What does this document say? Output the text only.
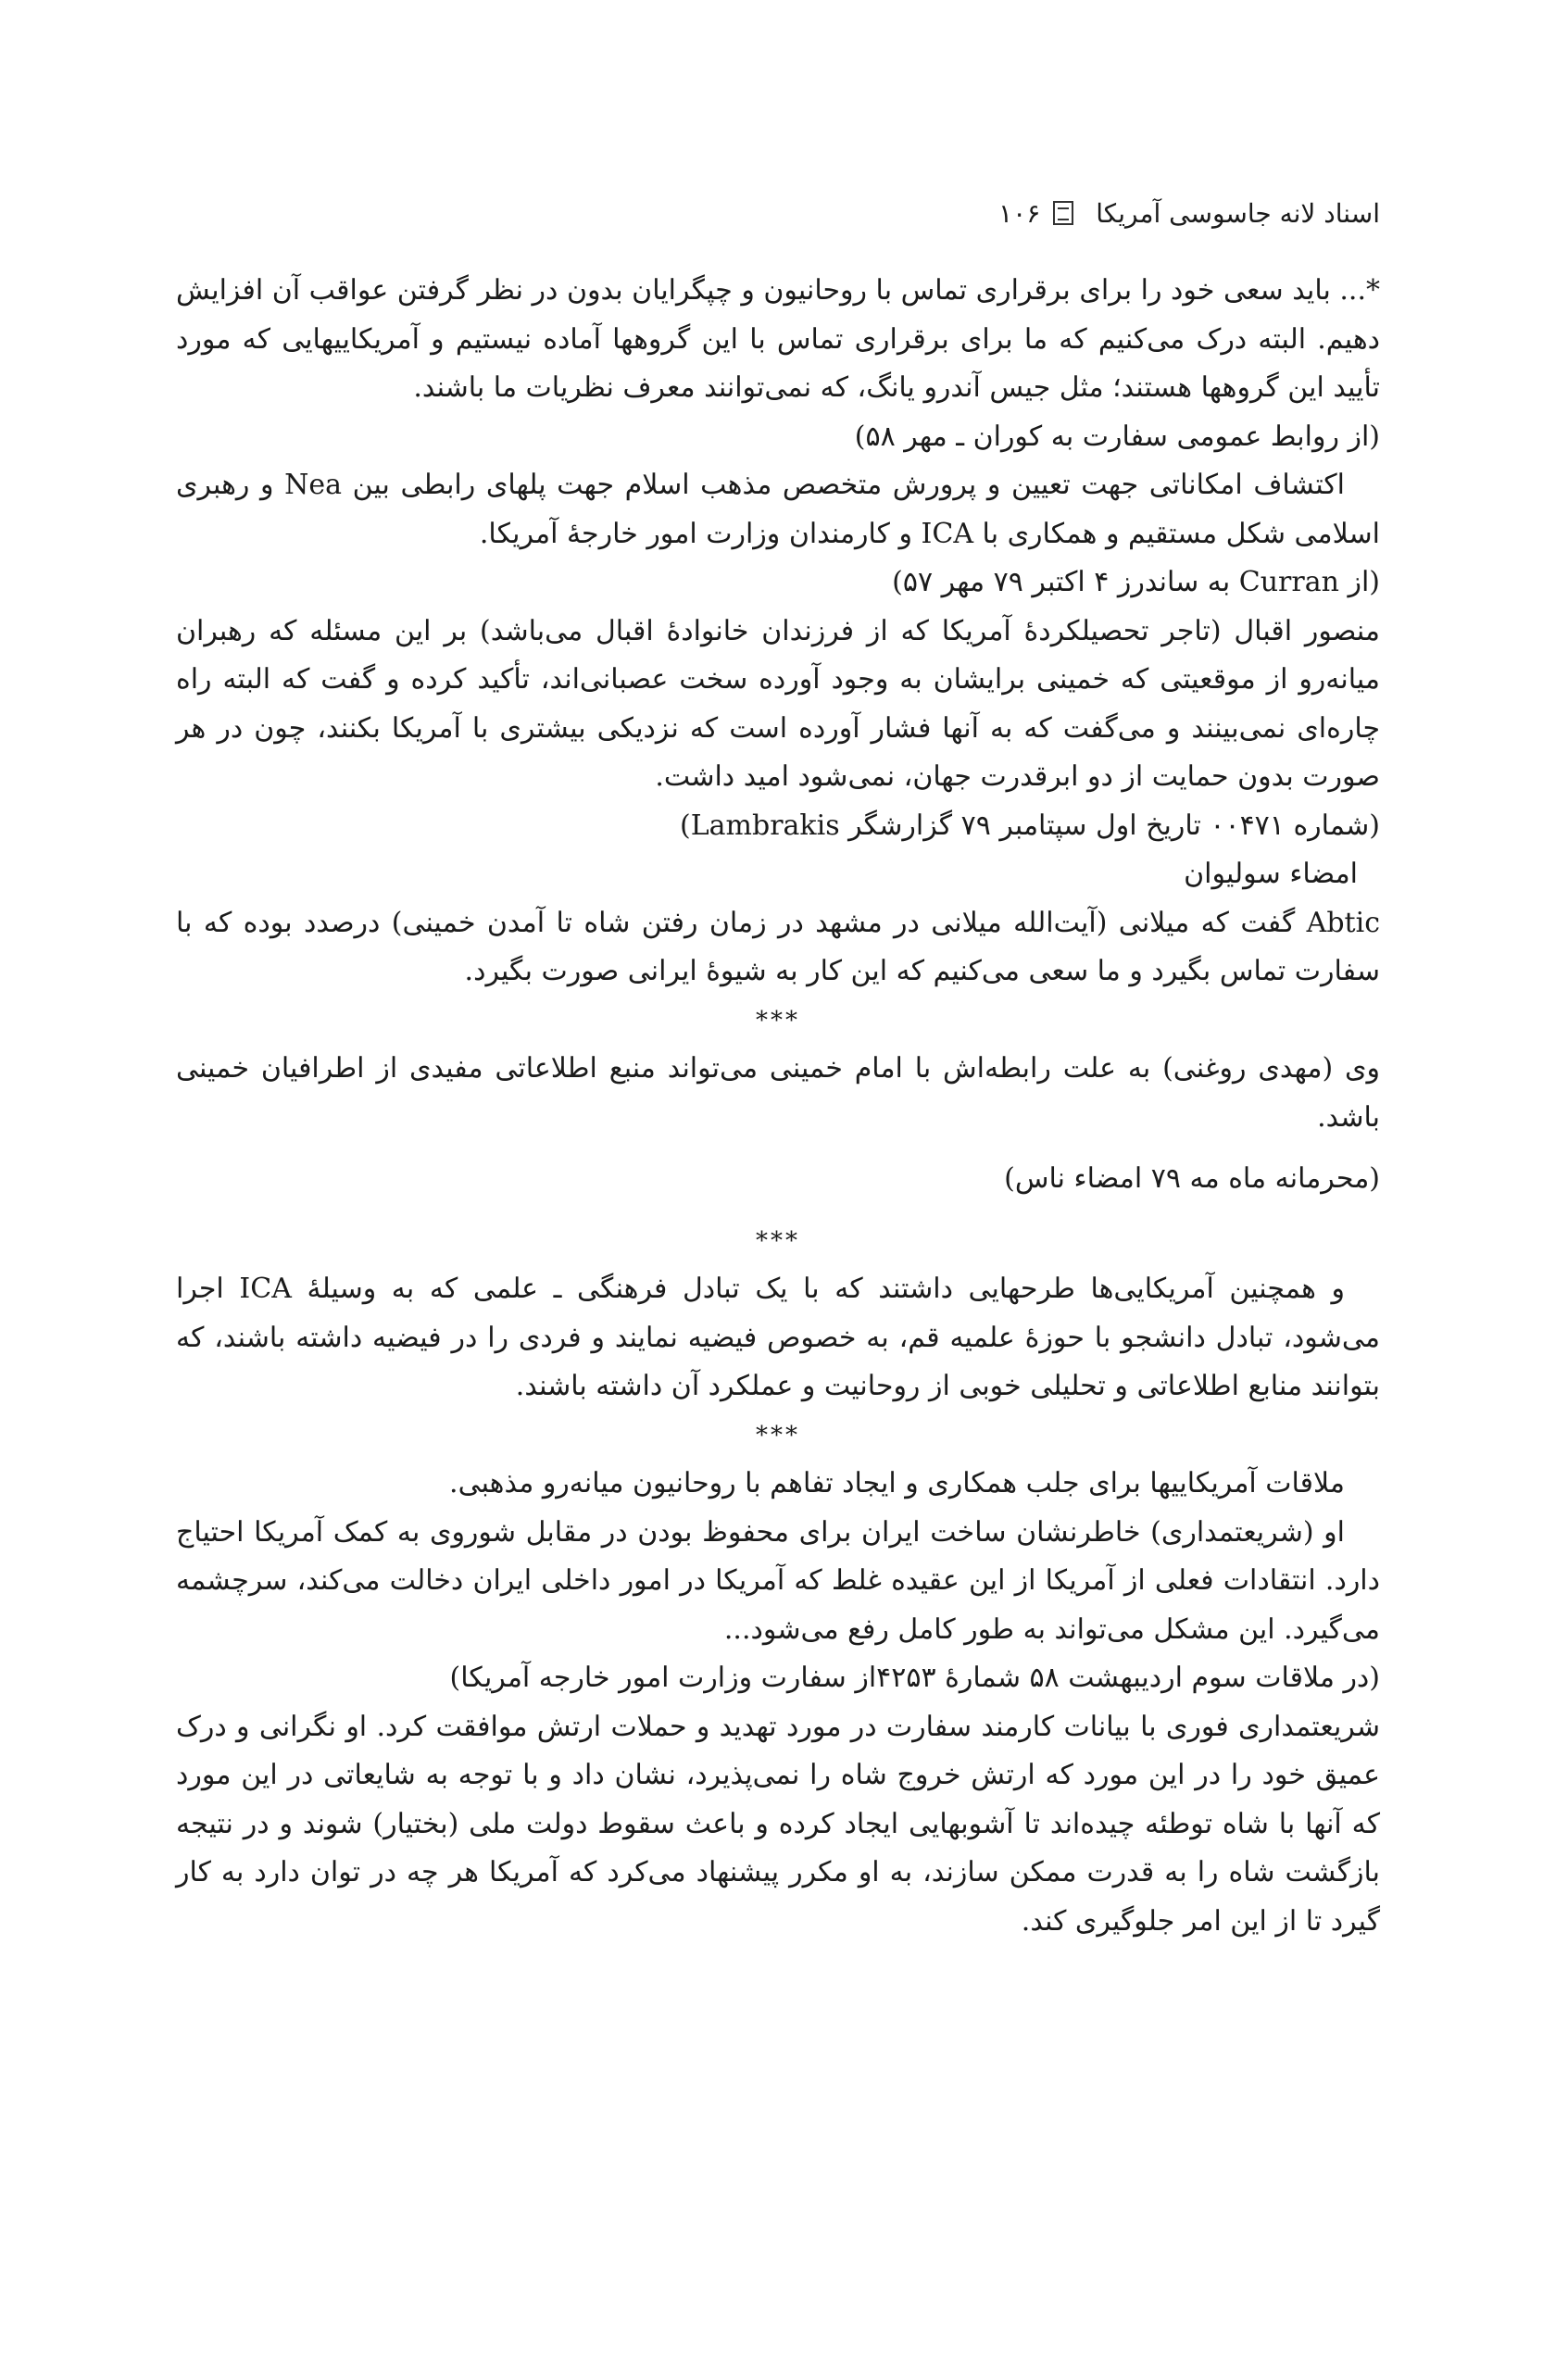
اسناد لانه جاسوسی آمریکا
۱۰۶

*... باید سعی خود را برای برقراری تماس با روحانیون و چپگرایان بدون در نظر گرفتن عواقب آن افزایش دهیم. البته درک می‌کنیم که ما برای برقراری تماس با این گروهها آماده نیستیم و آمریکاییهایی که مورد تأیید این گروهها هستند؛ مثل جیس آندرو یانگ، که نمی‌توانند معرف نظریات ما باشند.

(از روابط عمومی سفارت به کوران ـ مهر ۵۸)

اکتشاف امکاناتی جهت تعیین و پرورش متخصص مذهب اسلام جهت پلهای رابطی بین Nea و رهبری اسلامی شکل مستقیم و همکاری با ICA و کارمندان وزارت امور خارجهٔ آمریکا.

(از Curran به ساندرز ۴ اکتبر ۷۹ مهر ۵۷)

منصور اقبال (تاجر تحصیلکردهٔ آمریکا که از فرزندان خانوادهٔ اقبال می‌باشد) بر این مسئله که رهبران میانه‌رو از موقعیتی که خمینی برایشان به وجود آورده سخت عصبانی‌اند، تأکید کرده و گفت که البته راه چاره‌ای نمی‌بینند و می‌گفت که به آنها فشار آورده است که نزدیکی بیشتری با آمریکا بکنند، چون در هر صورت بدون حمایت از دو ابرقدرت جهان، نمی‌شود امید داشت.

(شماره ۰۰۴۷۱ تاریخ اول سپتامبر ۷۹ گزارشگر Lambrakis)

امضاء سولیوان

Abtic گفت که میلانی (آیت‌الله میلانی در مشهد در زمان رفتن شاه تا آمدن خمینی) درصدد بوده که با سفارت تماس بگیرد و ما سعی می‌کنیم که این کار به شیوهٔ ایرانی صورت بگیرد.

***

وی (مهدی روغنی) به علت رابطه‌اش با امام خمینی می‌تواند منبع اطلاعاتی مفیدی از اطرافیان خمینی باشد.

(محرمانه ماه مه ۷۹ امضاء ناس)

***

و همچنین آمریکایی‌ها طرحهایی داشتند که با یک تبادل فرهنگی ـ علمی که به وسیلهٔ ICA اجرا می‌شود، تبادل دانشجو با حوزهٔ علمیه قم، به خصوص فیضیه نمایند و فردی را در فیضیه داشته باشند، که بتوانند منابع اطلاعاتی و تحلیلی خوبی از روحانیت و عملکرد آن داشته باشند.

***

ملاقات آمریکاییها برای جلب همکاری و ایجاد تفاهم با روحانیون میانه‌رو مذهبی.

او (شریعتمداری) خاطرنشان ساخت ایران برای محفوظ بودن در مقابل شوروی به کمک آمریکا احتیاج دارد. انتقادات فعلی از آمریکا از این عقیده غلط که آمریکا در امور داخلی ایران دخالت می‌کند، سرچشمه می‌گیرد. این مشکل می‌تواند به طور کامل رفع می‌شود...

(در ملاقات سوم اردیبهشت ۵۸ شمارهٔ ۴۲۵۳از سفارت وزارت امور خارجه آمریکا)

شریعتمداری فوری با بیانات کارمند سفارت در مورد تهدید و حملات ارتش موافقت کرد. او نگرانی و درک عمیق خود را در این مورد که ارتش خروج شاه را نمی‌پذیرد، نشان داد و با توجه به شایعاتی در این مورد که آنها با شاه توطئه چیده‌اند تا آشوبهایی ایجاد کرده و باعث سقوط دولت ملی (بختیار) شوند و در نتیجه بازگشت شاه را به قدرت ممکن سازند، به او مکرر پیشنهاد می‌کرد که آمریکا هر چه در توان دارد به کار گیرد تا از این امر جلوگیری کند.
